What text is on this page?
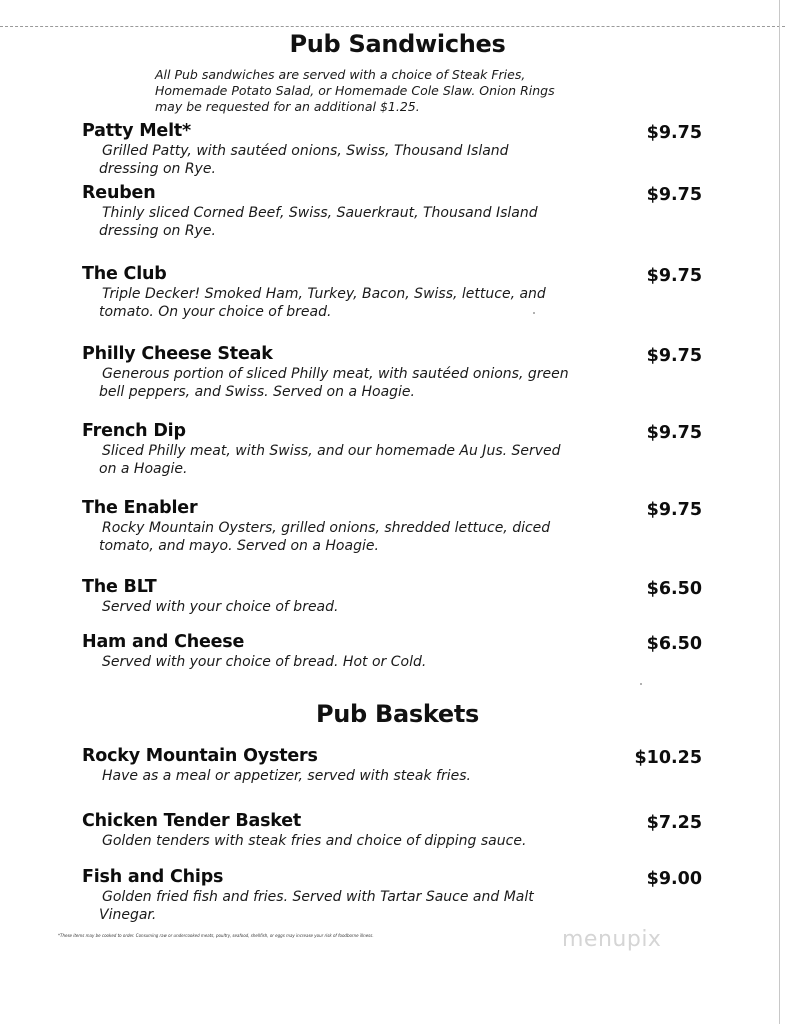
Pub Sandwiches

All Pub sandwiches are served with a choice of Steak Fries, Homemade Potato Salad, or Homemade Cole Slaw. Onion Rings may be requested for an additional $1.25.

Patty Melt*	$9.75
Grilled Patty, with sautéed onions, Swiss, Thousand Island dressing on Rye.
Reuben	$9.75
Thinly sliced Corned Beef, Swiss, Sauerkraut, Thousand Island dressing on Rye.
The Club	$9.75
Triple Decker! Smoked Ham, Turkey, Bacon, Swiss, lettuce, and tomato. On your choice of bread.
Philly Cheese Steak	$9.75
Generous portion of sliced Philly meat, with sautéed onions, green bell peppers, and Swiss. Served on a Hoagie.
French Dip	$9.75
Sliced Philly meat, with Swiss, and our homemade Au Jus. Served on a Hoagie.
The Enabler	$9.75
Rocky Mountain Oysters, grilled onions, shredded lettuce, diced tomato, and mayo. Served on a Hoagie.
The BLT	$6.50
Served with your choice of bread.
Ham and Cheese	$6.50
Served with your choice of bread. Hot or Cold.
Pub Baskets
Rocky Mountain Oysters	$10.25
Have as a meal or appetizer, served with steak fries.
Chicken Tender Basket	$7.25
Golden tenders with steak fries and choice of dipping sauce.
Fish and Chips	$9.00
Golden fried fish and fries. Served with Tartar Sauce and Malt Vinegar.

*These items may be cooked to order. Consuming raw or undercooked meats, poultry, seafood, shellfish, or eggs may increase your risk of foodborne illness.	menupix
